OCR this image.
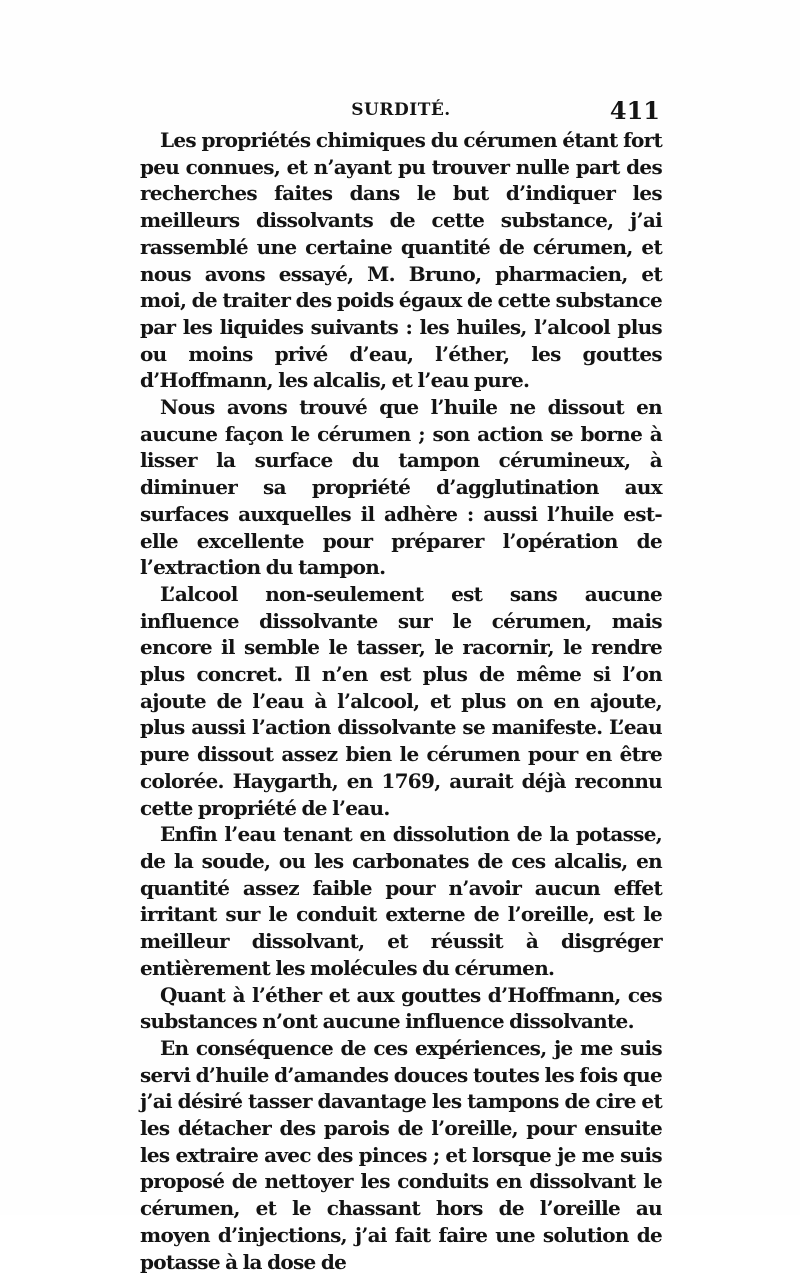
SURDITÉ.	411

Les propriétés chimiques du cérumen étant fort peu connues, et n’ayant pu trouver nulle part des recherches faites dans le but d’indiquer les meilleurs dissolvants de cette substance, j’ai rassemblé une certaine quantité de cérumen, et nous avons essayé, M. Bruno, pharmacien, et moi, de traiter des poids égaux de cette substance par les liquides suivants : les huiles, l’alcool plus ou moins privé d’eau, l’éther, les gouttes d’Hoffmann, les alcalis, et l’eau pure.

Nous avons trouvé que l’huile ne dissout en aucune façon le cérumen ; son action se borne à lisser la surface du tampon cérumineux, à diminuer sa propriété d’agglutination aux surfaces auxquelles il adhère : aussi l’huile est-elle excellente pour préparer l’opération de l’extraction du tampon.

L’alcool non-seulement est sans aucune influence dissolvante sur le cérumen, mais encore il semble le tasser, le racornir, le rendre plus concret. Il n’en est plus de même si l’on ajoute de l’eau à l’alcool, et plus on en ajoute, plus aussi l’action dissolvante se manifeste. L’eau pure dissout assez bien le cérumen pour en être colorée. Haygarth, en 1769, aurait déjà reconnu cette propriété de l’eau.

Enfin l’eau tenant en dissolution de la potasse, de la soude, ou les carbonates de ces alcalis, en quantité assez faible pour n’avoir aucun effet irritant sur le conduit externe de l’oreille, est le meilleur dissolvant, et réussit à disgréger entièrement les molécules du cérumen.

Quant à l’éther et aux gouttes d’Hoffmann, ces substances n’ont aucune influence dissolvante.

En conséquence de ces expériences, je me suis servi d’huile d’amandes douces toutes les fois que j’ai désiré tasser davantage les tampons de cire et les détacher des parois de l’oreille, pour ensuite les extraire avec des pinces ; et lorsque je me suis proposé de nettoyer les conduits en dissolvant le cérumen, et le chassant hors de l’oreille au moyen d’injections, j’ai fait faire une solution de potasse à la dose de
